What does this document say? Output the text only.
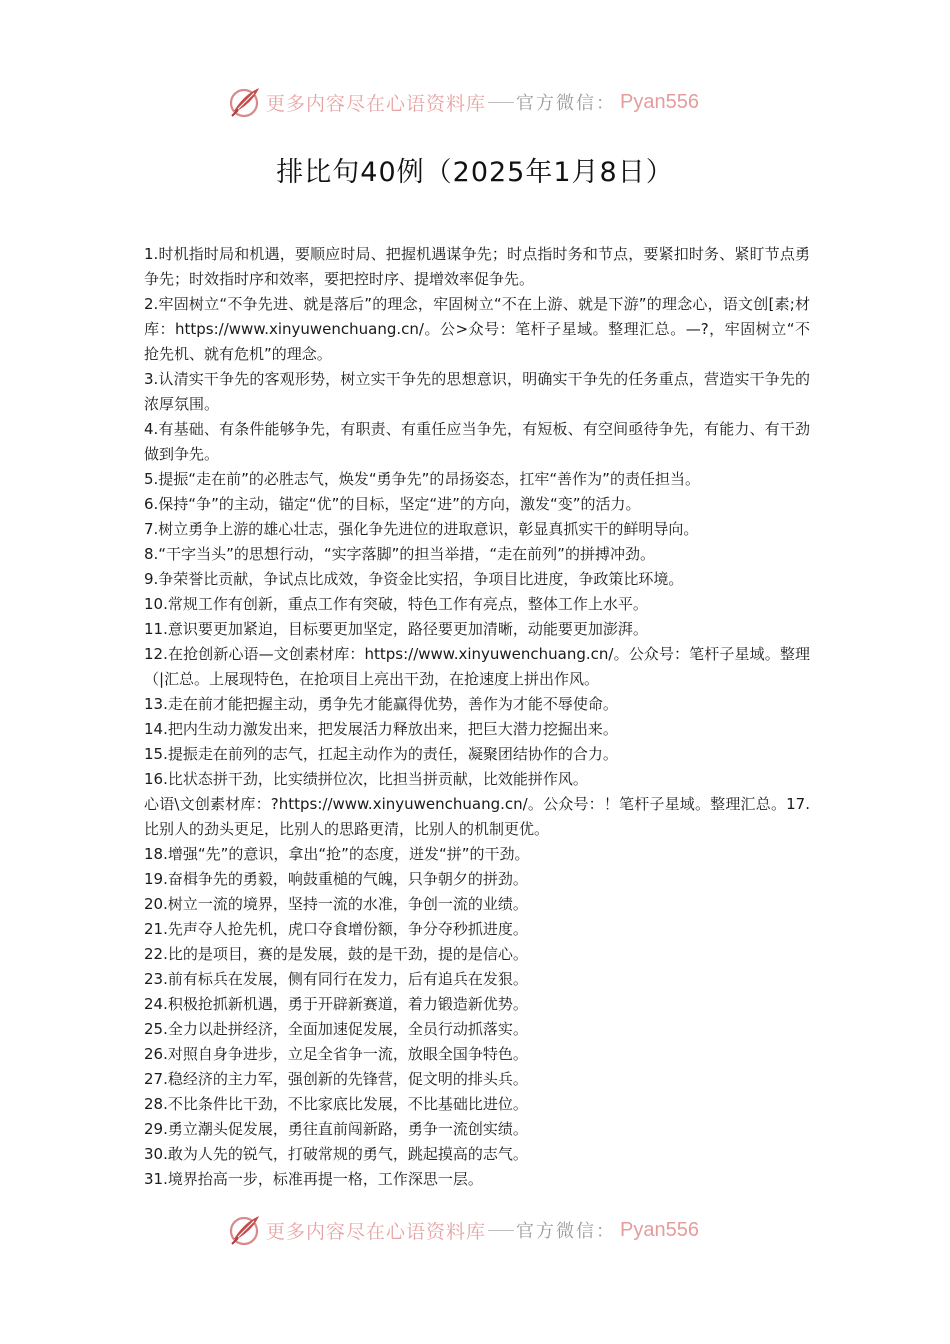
更多内容尽在心语资料库 官方微信： Pyan556
排比句40例（2025年1月8日）

1.时机指时局和机遇，要顺应时局、把握机遇谋争先；时点指时务和节点，要紧扣时务、紧盯节点勇争先；时效指时序和效率，要把控时序、提增效率促争先。

2.牢固树立“不争先进、就是落后”的理念，牢固树立“不在上游、就是下游”的理念心，语文创[素;材库：https://www.xinyuwenchuang.cn/。公>众号：笔杆子星域。整理汇总。—?，牢固树立“不抢先机、就有危机”的理念。

3.认清实干争先的客观形势，树立实干争先的思想意识，明确实干争先的任务重点，营造实干争先的浓厚氛围。

4.有基础、有条件能够争先，有职责、有重任应当争先，有短板、有空间亟待争先，有能力、有干劲做到争先。

5.提振“走在前”的必胜志气，焕发“勇争先”的昂扬姿态，扛牢“善作为”的责任担当。

6.保持“争”的主动，锚定“优”的目标，坚定“进”的方向，激发“变”的活力。

7.树立勇争上游的雄心壮志，强化争先进位的进取意识，彰显真抓实干的鲜明导向。

8.“干字当头”的思想行动，“实字落脚”的担当举措，“走在前列”的拼搏冲劲。

9.争荣誉比贡献，争试点比成效，争资金比实招，争项目比进度，争政策比环境。

10.常规工作有创新，重点工作有突破，特色工作有亮点，整体工作上水平。

11.意识要更加紧迫，目标要更加坚定，路径要更加清晰，动能要更加澎湃。

12.在抢创新心语—文创素材库：https://www.xinyuwenchuang.cn/。公众号：笔杆子星域。整理（|汇总。上展现特色，在抢项目上亮出干劲，在抢速度上拼出作风。

13.走在前才能把握主动，勇争先才能赢得优势，善作为才能不辱使命。

14.把内生动力激发出来，把发展活力释放出来，把巨大潜力挖掘出来。

15.提振走在前列的志气，扛起主动作为的责任，凝聚团结协作的合力。

16.比状态拼干劲，比实绩拼位次，比担当拼贡献，比效能拼作风。

心语\文创素材库：?https://www.xinyuwenchuang.cn/。公众号：！笔杆子星域。整理汇总。17.比别人的劲头更足，比别人的思路更清，比别人的机制更优。

18.增强“先”的意识，拿出“抢”的态度，迸发“拼”的干劲。

19.奋楫争先的勇毅，响鼓重槌的气魄，只争朝夕的拼劲。

20.树立一流的境界，坚持一流的水准，争创一流的业绩。

21.先声夺人抢先机，虎口夺食增份额，争分夺秒抓进度。

22.比的是项目，赛的是发展，鼓的是干劲，提的是信心。

23.前有标兵在发展，侧有同行在发力，后有追兵在发狠。

24.积极抢抓新机遇，勇于开辟新赛道，着力锻造新优势。

25.全力以赴拼经济，全面加速促发展，全员行动抓落实。

26.对照自身争进步，立足全省争一流，放眼全国争特色。

27.稳经济的主力军，强创新的先锋营，促文明的排头兵。

28.不比条件比干劲，不比家底比发展，不比基础比进位。

29.勇立潮头促发展，勇往直前闯新路，勇争一流创实绩。

30.敢为人先的锐气，打破常规的勇气，跳起摸高的志气。

31.境界抬高一步，标准再提一格，工作深思一层。

更多内容尽在心语资料库 官方微信： Pyan556
